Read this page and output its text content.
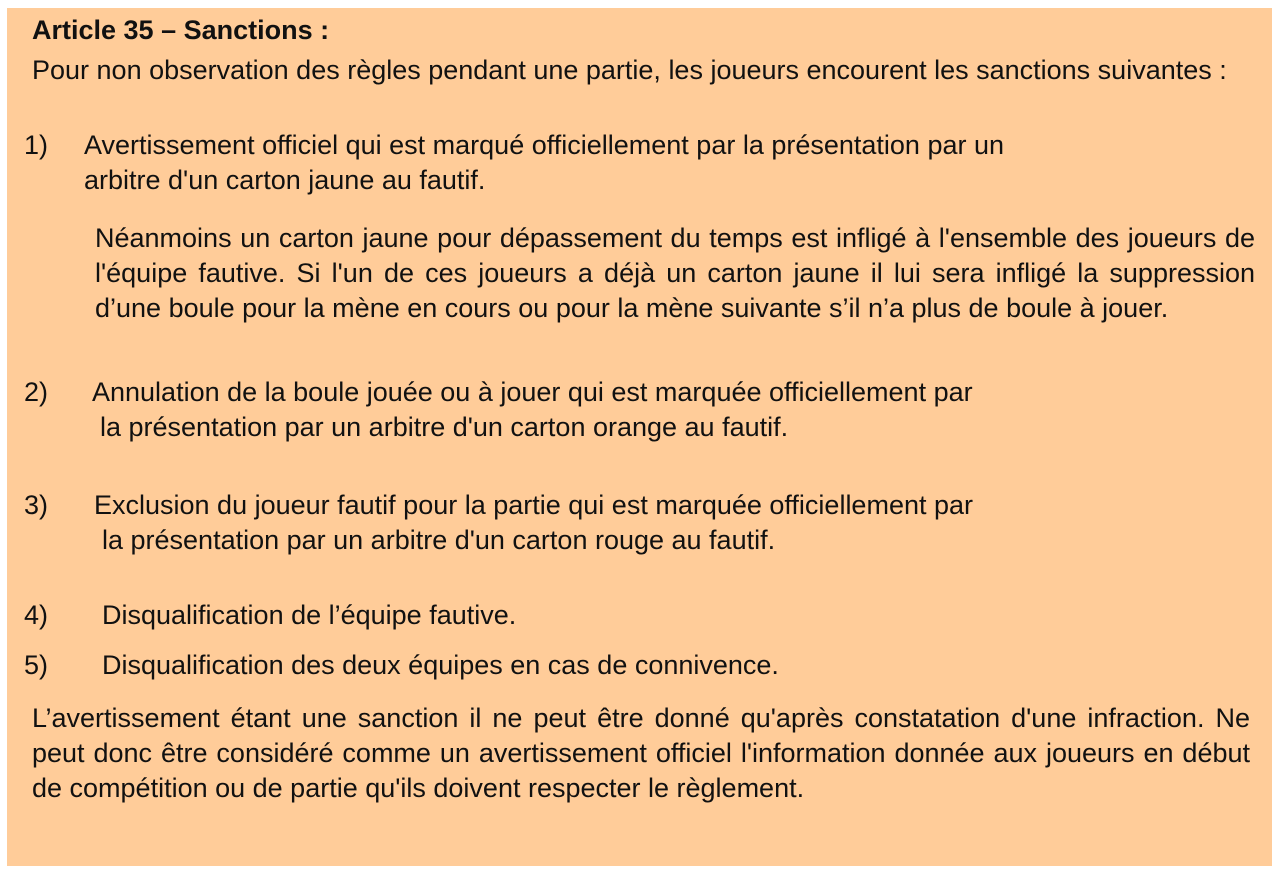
Article 35 – Sanctions :
Pour non observation des règles pendant une partie, les joueurs encourent les sanctions suivantes :
1) Avertissement officiel qui est marqué officiellement par la présentation par un
arbitre d'un carton jaune au fautif.
Néanmoins un carton jaune pour dépassement du temps est infligé à l'ensemble des joueurs de l'équipe fautive. Si l'un de ces joueurs a déjà un carton jaune il lui sera infligé la suppression d’une boule pour la mène en cours ou pour la mène suivante s’il n’a plus de boule à jouer.
2) Annulation de la boule jouée ou à jouer qui est marquée officiellement par
la présentation par un arbitre d'un carton orange au fautif.
3) Exclusion du joueur fautif pour la partie qui est marquée officiellement par
la présentation par un arbitre d'un carton rouge au fautif.
4) Disqualification de l’équipe fautive.
5) Disqualification des deux équipes en cas de connivence.
L’avertissement étant une sanction il ne peut être donné qu'après constatation d'une infraction. Ne peut donc être considéré comme un avertissement officiel l'information donnée aux joueurs en début de compétition ou de partie qu'ils doivent respecter le règlement.
